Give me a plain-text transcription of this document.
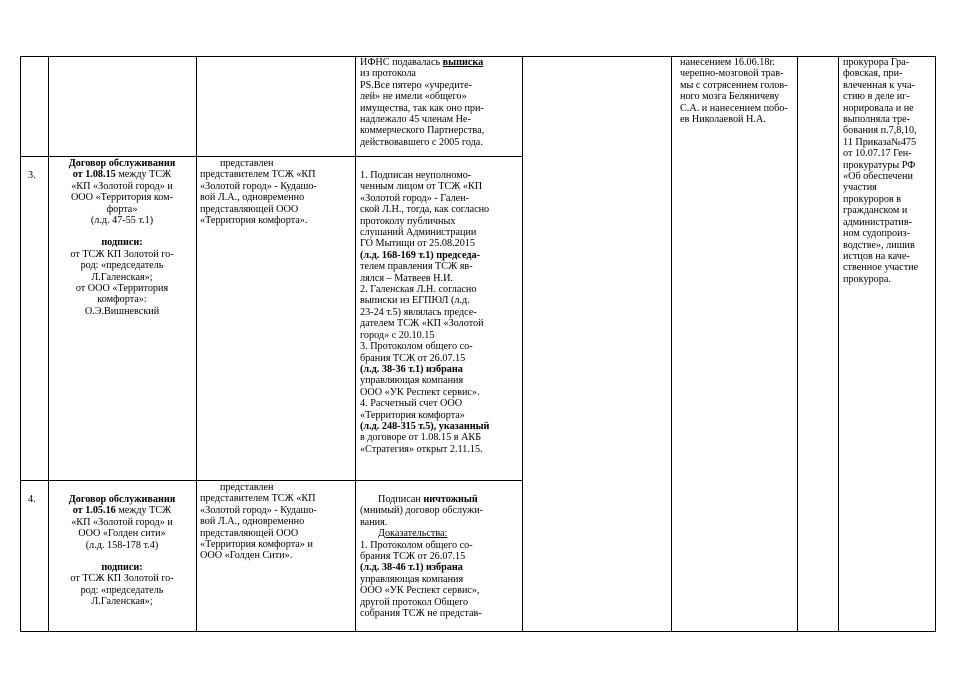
ИФНС подавалась выписка

из протокола

PS.Все пятеро «учредите-

лей» не имели «общего»

имущества, так как оно при-

надлежало 45 членам Не-

коммерческого Партнерства,

действовавшего с 2005 года.

нанесением 16.06.18г.

черепно-мозговой трав-

мы с сотрясением голов-

ного мозга Беляничеву

С.А. и нанесением побо-

ев Николаевой Н.А.

прокурора Гра-

фовская, при-

влеченная к уча-

стию в деле иг-

норировала и не

выполняла тре-

бования п.7,8,10,

11 Приказа№475

от 10.07.17 Ген-

прокуратуры РФ

«Об обеспечени

участия

прокуроров в

гражданском и

административ-

ном судопроиз-

водстве», лишив

истцов на каче-

ственное участие

прокурора.

3.

Договор обслуживания

от 1.08.15 между ТСЖ

«КП «Золотой город» и

ООО «Территория ком-

форта»

(л.д. 47-55 т.1)

подписи:

от ТСЖ КП Золотой го-

род: «председатель

Л.Галенская»;

от ООО «Территория

комфорта»:

О.Э.Вишневский

представлен

представителем ТСЖ «КП

«Золотой город» - Кудашо-

вой Л.А., одновременно

представляющей ООО

«Территория комфорта».

1. Подписан неуполномо-

ченным лицом от ТСЖ «КП

«Золотой город» - Гален-

ской Л.Н., тогда, как согласно

протоколу публичных

слушаний Администрации

ГО Мытищи от 25.08.2015

(л.д. 168-169 т.1) председа-

телем правления ТСЖ яв-

лялся – Матвеев Н.И.

2. Галенская Л.Н. согласно

выписки из ЕГПЮЛ (л.д.

23-24 т.5) являлась предсе-

дателем ТСЖ «КП «Золотой

город» с 20.10.15

3. Протоколом общего со-

брания ТСЖ от 26.07.15

(л.д. 38-36 т.1) избрана

управляющая компания

ООО «УК Респект сервис».

4. Расчетный счет ООО

«Территория комфорта»

(л.д. 248-315 т.5), указанный

в договоре от 1.08.15 в АКБ

«Стратегия» открыт 2.11.15.

4.	Договор обслуживания

от 1.05.16 между ТСЖ

«КП «Золотой город» и

ООО «Голден сити»

(л.д. 158-178 т.4)

подписи:

от ТСЖ КП Золотой го-

род: «председатель

Л.Галенская»;

представлен

представителем ТСЖ «КП

«Золотой город» - Кудашо-

вой Л.А., одновременно

представляющей ООО

«Территория комфорта» и

ООО «Голден Сити».

Подписан ничтожный

(мнимый) договор обслужи-

вания.

Доказательства:

1. Протоколом общего со-

брания ТСЖ от 26.07.15

(л.д. 38-46 т.1) избрана

управляющая компания

ООО «УК Респект сервис»,

другой протокол Общего

собрания ТСЖ не представ-
